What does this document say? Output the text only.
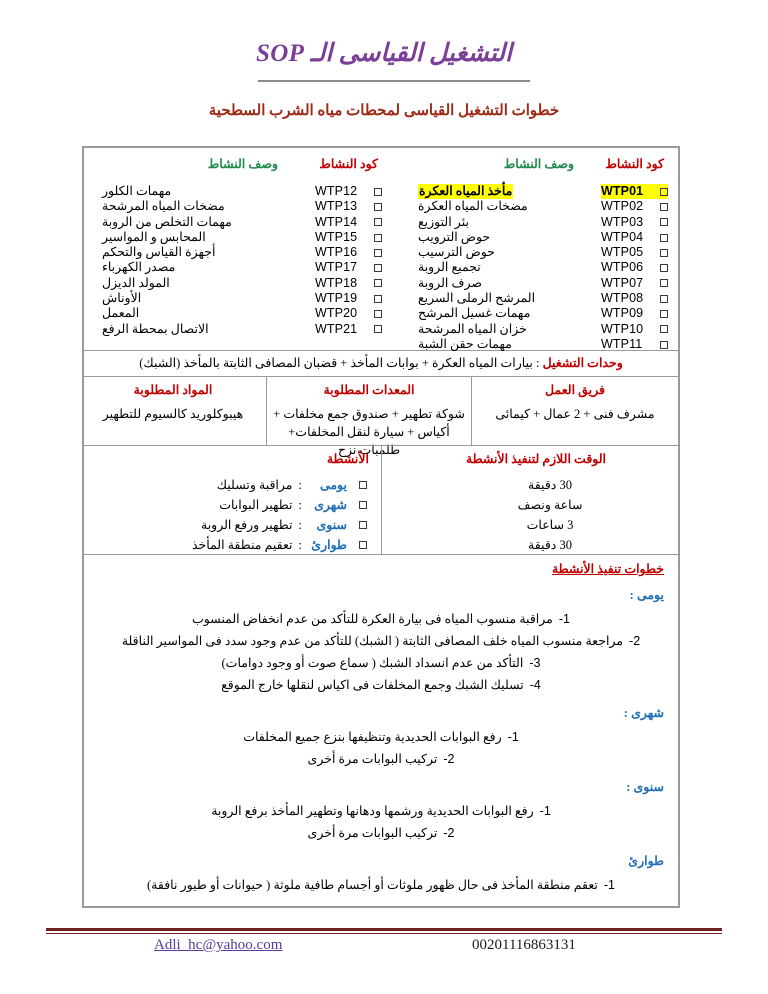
التشغيل القياسى الـ SOP
خطوات التشغيل القياسى لمحطات مياه الشرب السطحية
كود النشاط
وصف النشاط	كود النشاط
وصف النشاط
WTP01
WTP02
WTP03
WTP04
WTP05
WTP06
WTP07
WTP08
WTP09
WTP10
WTP11
مأخذ المياه العكرة
مضخات المياه العكرة
بئر التوزيع
حوض الترويب
حوض الترسيب
تجميع الروبة
صرف الروبة
المرشح الرملى السريع
مهمات غسيل المرشح
خزان المياه المرشحة
مهمات حقن الشبة
WTP12
WTP13
WTP14
WTP15
WTP16
WTP17
WTP18
WTP19
WTP20
WTP21
مهمات الكلور
مضخات المياه المرشحة
مهمات التخلص من الروبة
المحابس و المواسير
أجهزة القياس والتحكم
مصدر الكهرباء
المولد الديزل
الأوناش
المعمل
الاتصال بمحطة الرفع
وحدات التشغيل : بيارات المياه العكرة + بوابات المأخذ + قضبان المصافى الثابتة بالمأخذ (الشبك)
فريق العمل
مشرف فنى + 2 عمال + كيمائى
المعدات المطلوبة
شوكة تطهير + صندوق جمع مخلفات +
أكياس + سيارة لنقل المخلفات+ طلمبات نزح
المواد المطلوبة
هيبوكلوريد كالسيوم للتطهير
الأنشطة
يومى
:
مراقبة وتسليك
شهرى
:
تطهير البوابات
سنوى
:
تطهير ورفع الروبة
طوارئ
:
تعقيم منطقة المأخذ
الوقت اللازم لتنفيذ الأنشطة
30 دقيقة
ساعة ونصف
3 ساعات
30 دقيقة
خطوات تنفيذ الأنشطة
يومى :
1-مراقبة منسوب المياه فى بيارة العكرة للتأكد من عدم انخفاض المنسوب
2-مراجعة منسوب المياه خلف المصافى الثابتة ( الشبك) للتأكد من عدم وجود سدد فى المواسير الناقلة
3-التأكد من عدم انسداد الشبك ( سماع صوت أو وجود دوامات)
4-تسليك الشبك وجمع المخلفات فى اكياس لنقلها خارج الموقع
شهرى :
1-رفع البوابات الحديدية وتنظيفها بنزع جميع المخلفات
2-تركيب البوابات مرة أخرى
سنوى :
1-رفع البوابات الحديدية ورشمها ودهانها وتطهير المأخذ برفع الروبة
2-تركيب البوابات مرة أخرى
طوارئ
1-تعقم منطقة المأخذ فى حال ظهور ملوثات أو أجسام طافية ملوثة ( حيوانات أو طيور نافقة)
Adli_hc@yahoo.com	00201116863131
